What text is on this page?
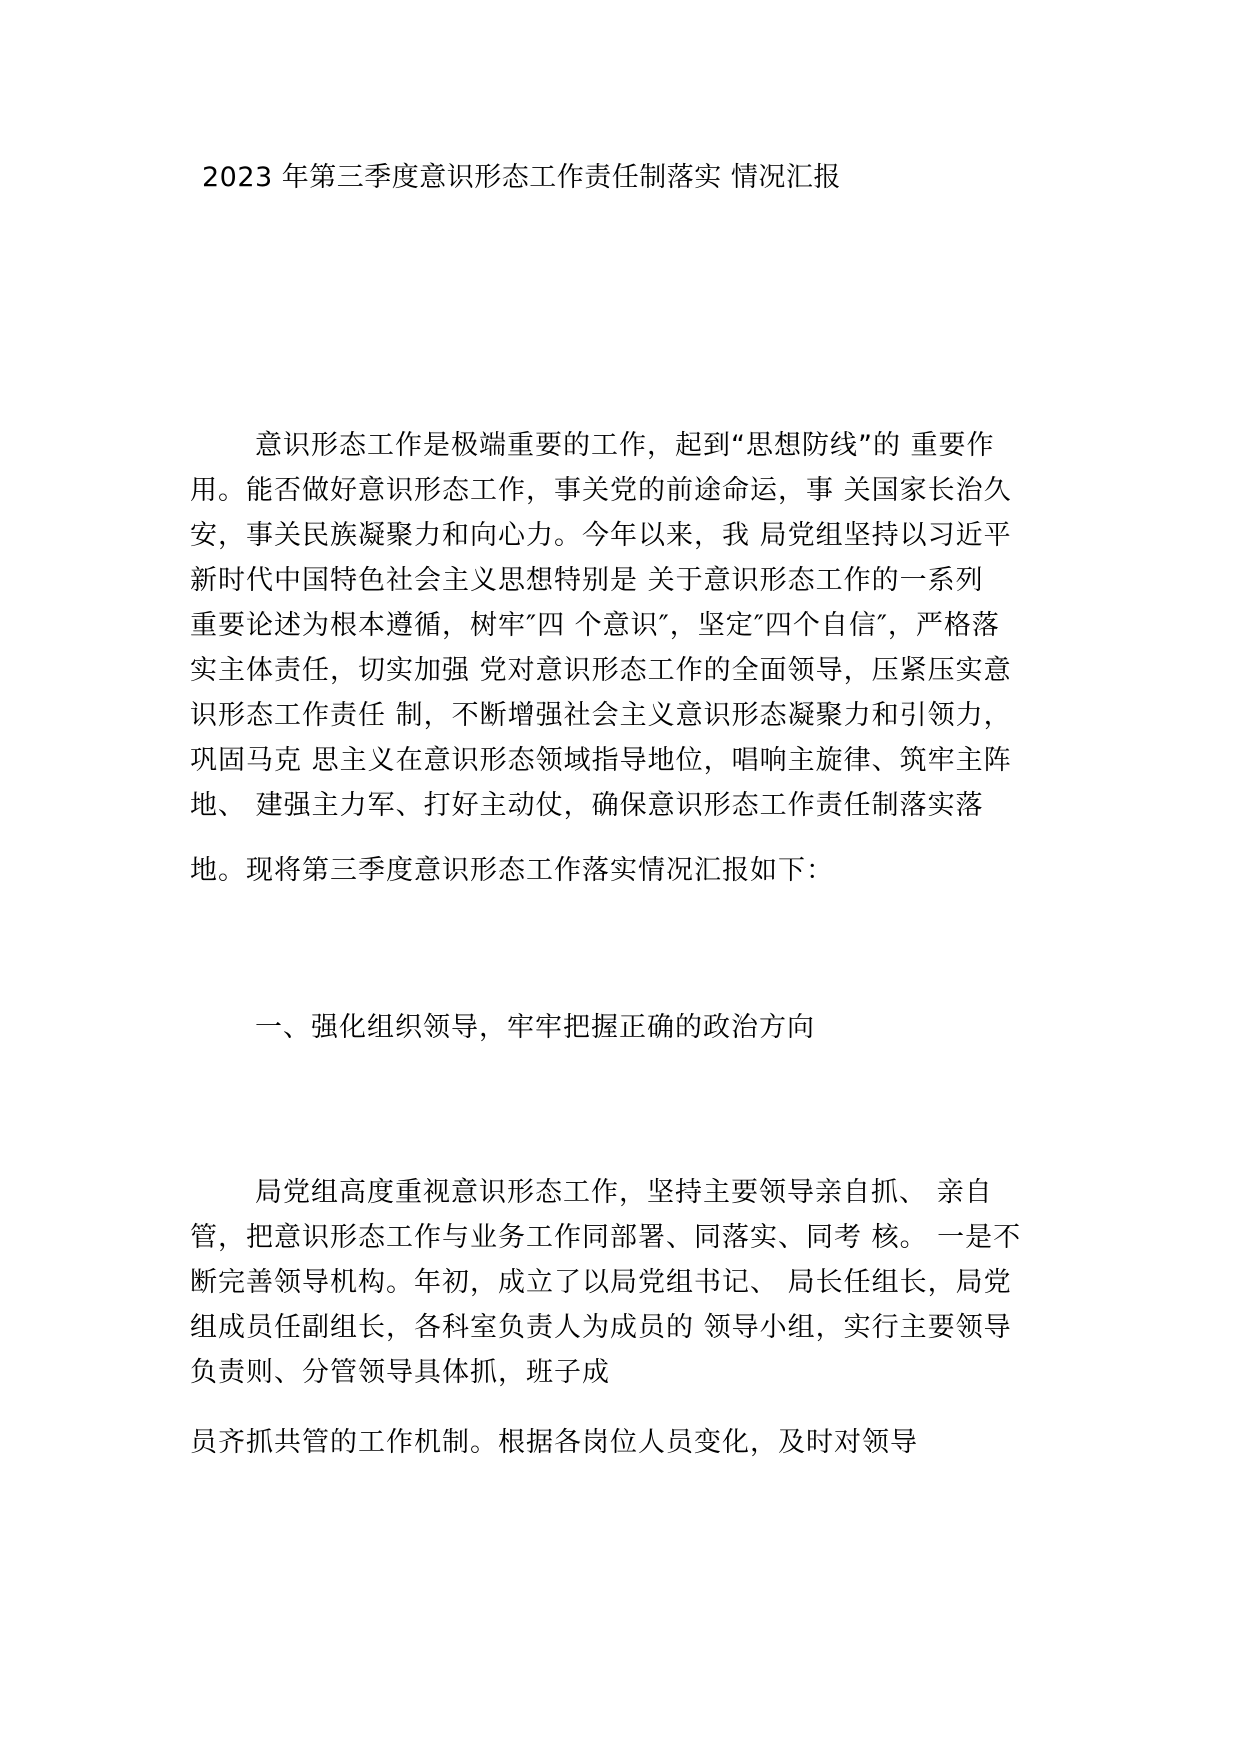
2023 年第三季度意识形态工作责任制落实 情况汇报
意识形态工作是极端重要的工作，起到“思想防线”的 重要作
用。能否做好意识形态工作，事关党的前途命运，事 关国家长治久
安，事关民族凝聚力和向心力。今年以来，我 局党组坚持以习近平
新时代中国特色社会主义思想特别是 关于意识形态工作的一系列
重要论述为根本遵循，树牢″四 个意识″，坚定″四个自信″，严格落
实主体责任，切实加强 党对意识形态工作的全面领导，压紧压实意
识形态工作责任 制，不断增强社会主义意识形态凝聚力和引领力，
巩固马克 思主义在意识形态领域指导地位，唱响主旋律、筑牢主阵
地、 建强主力军、打好主动仗，确保意识形态工作责任制落实落
地。现将第三季度意识形态工作落实情况汇报如下：
一、强化组织领导，牢牢把握正确的政治方向
局党组高度重视意识形态工作，坚持主要领导亲自抓、 亲自
管，把意识形态工作与业务工作同部署、同落实、同考 核。 一是不
断完善领导机构。年初，成立了以局党组书记、 局长任组长，局党
组成员任副组长，各科室负责人为成员的 领导小组，实行主要领导
负责则、分管领导具体抓，班子成
员齐抓共管的工作机制。根据各岗位人员变化，及时对领导
